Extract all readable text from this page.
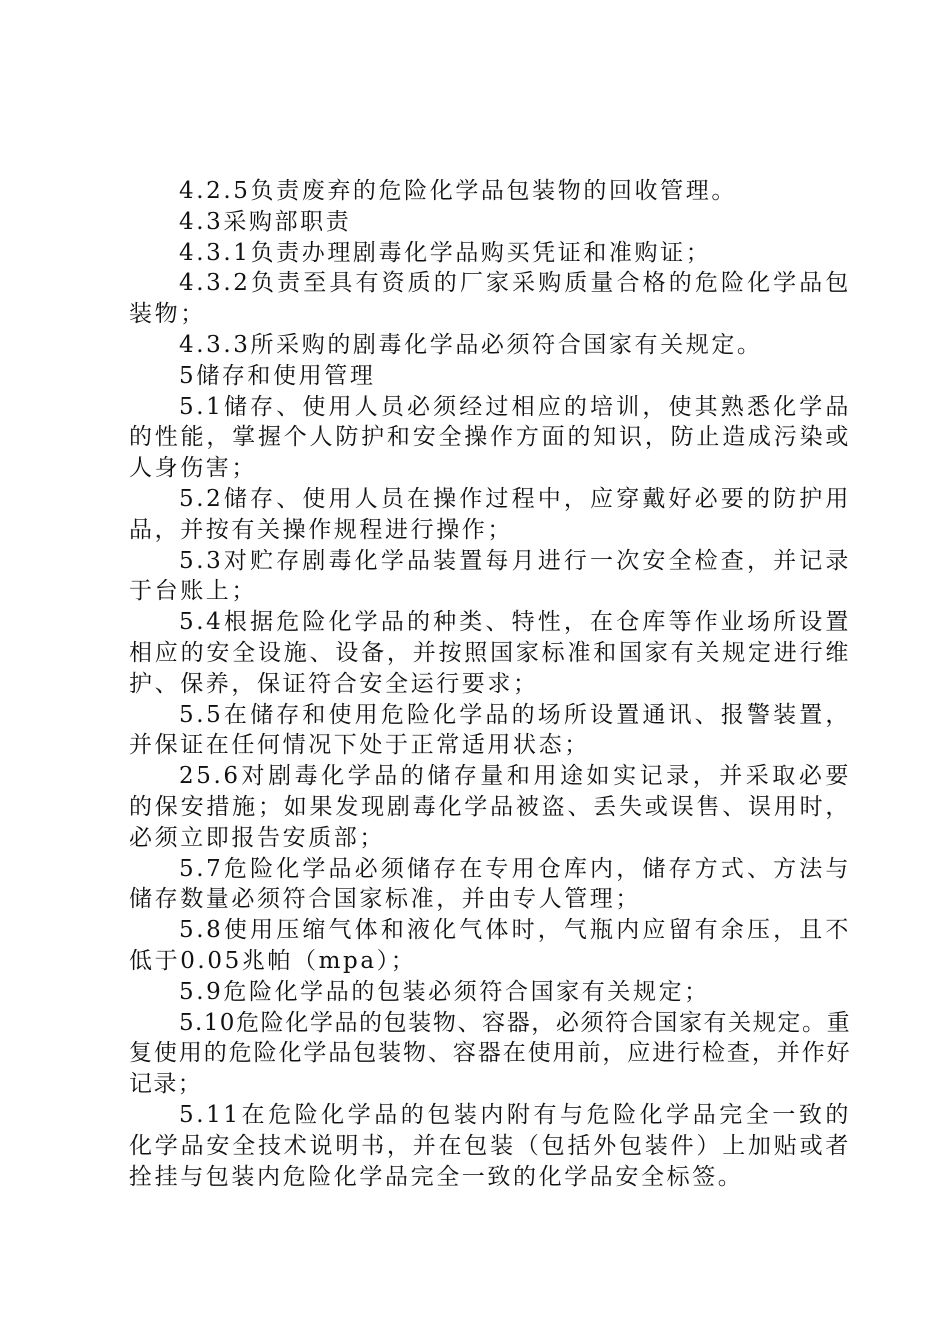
4.2.5负责废弃的危险化学品包装物的回收管理。

4.3采购部职责

4.3.1负责办理剧毒化学品购买凭证和准购证；

4.3.2负责至具有资质的厂家采购质量合格的危险化学品包装物；

4.3.3所采购的剧毒化学品必须符合国家有关规定。

5储存和使用管理

5.1储存、使用人员必须经过相应的培训，使其熟悉化学品的性能，掌握个人防护和安全操作方面的知识，防止造成污染或人身伤害；

5.2储存、使用人员在操作过程中，应穿戴好必要的防护用品，并按有关操作规程进行操作；

5.3对贮存剧毒化学品装置每月进行一次安全检查，并记录于台账上；

5.4根据危险化学品的种类、特性，在仓库等作业场所设置相应的安全设施、设备，并按照国家标准和国家有关规定进行维护、保养，保证符合安全运行要求；

5.5在储存和使用危险化学品的场所设置通讯、报警装置，并保证在任何情况下处于正常适用状态；

25.6对剧毒化学品的储存量和用途如实记录，并采取必要的保安措施；如果发现剧毒化学品被盗、丢失或误售、误用时，必须立即报告安质部；

5.7危险化学品必须储存在专用仓库内，储存方式、方法与储存数量必须符合国家标准，并由专人管理；

5.8使用压缩气体和液化气体时，气瓶内应留有余压，且不低于0.05兆帕（mpa）；

5.9危险化学品的包装必须符合国家有关规定；

5.10危险化学品的包装物、容器，必须符合国家有关规定。重复使用的危险化学品包装物、容器在使用前，应进行检查，并作好记录；

5.11在危险化学品的包装内附有与危险化学品完全一致的化学品安全技术说明书，并在包装（包括外包装件）上加贴或者拴挂与包装内危险化学品完全一致的化学品安全标签。
